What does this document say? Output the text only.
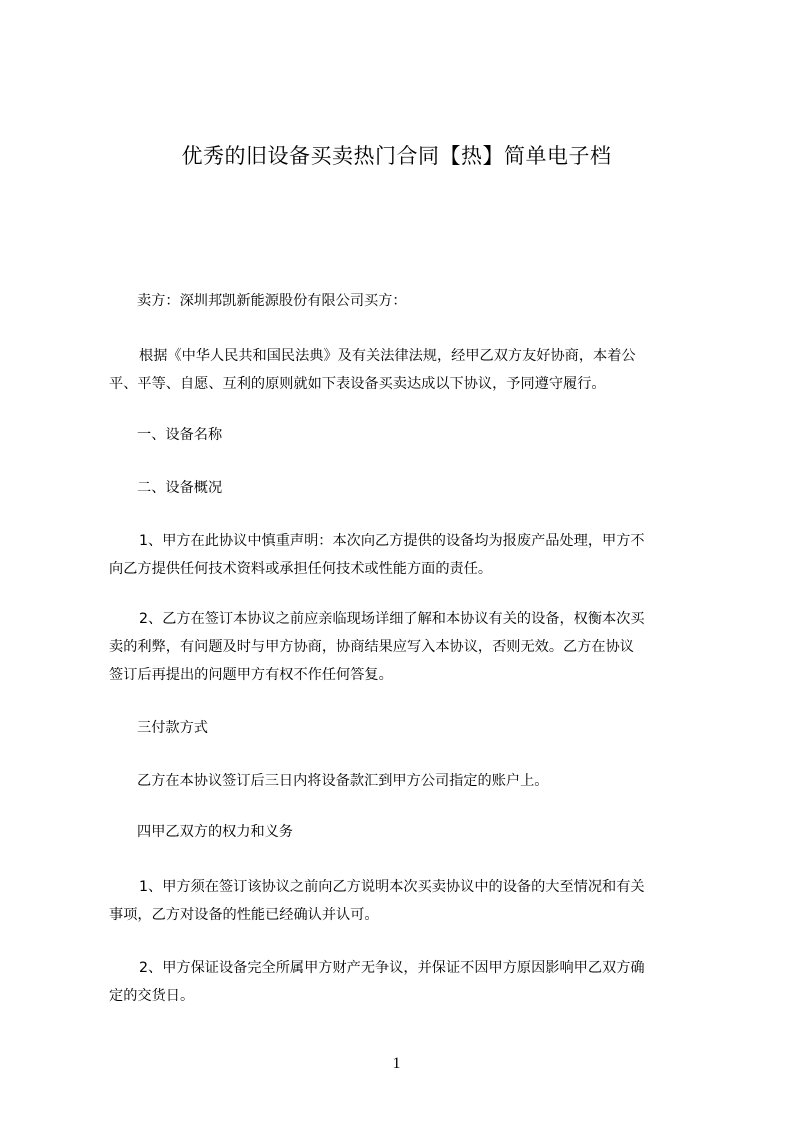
优秀的旧设备买卖热门合同【热】简单电子档

卖方：深圳邦凯新能源股份有限公司买方：

根据《中华人民共和国民法典》及有关法律法规，经甲乙双方友好协商，本着公
平、平等、自愿、互利的原则就如下表设备买卖达成以下协议，予同遵守履行。

一、设备名称

二、设备概况

1、甲方在此协议中慎重声明：本次向乙方提供的设备均为报废产品处理，甲方不
向乙方提供任何技术资料或承担任何技术或性能方面的责任。

2、乙方在签订本协议之前应亲临现场详细了解和本协议有关的设备，权衡本次买
卖的利弊，有问题及时与甲方协商，协商结果应写入本协议，否则无效。乙方在协议
签订后再提出的问题甲方有权不作任何答复。

三付款方式

乙方在本协议签订后三日内将设备款汇到甲方公司指定的账户上。

四甲乙双方的权力和义务

1、甲方须在签订该协议之前向乙方说明本次买卖协议中的设备的大至情况和有关
事项，乙方对设备的性能已经确认并认可。

2、甲方保证设备完全所属甲方财产无争议，并保证不因甲方原因影响甲乙双方确
定的交货日。

1
